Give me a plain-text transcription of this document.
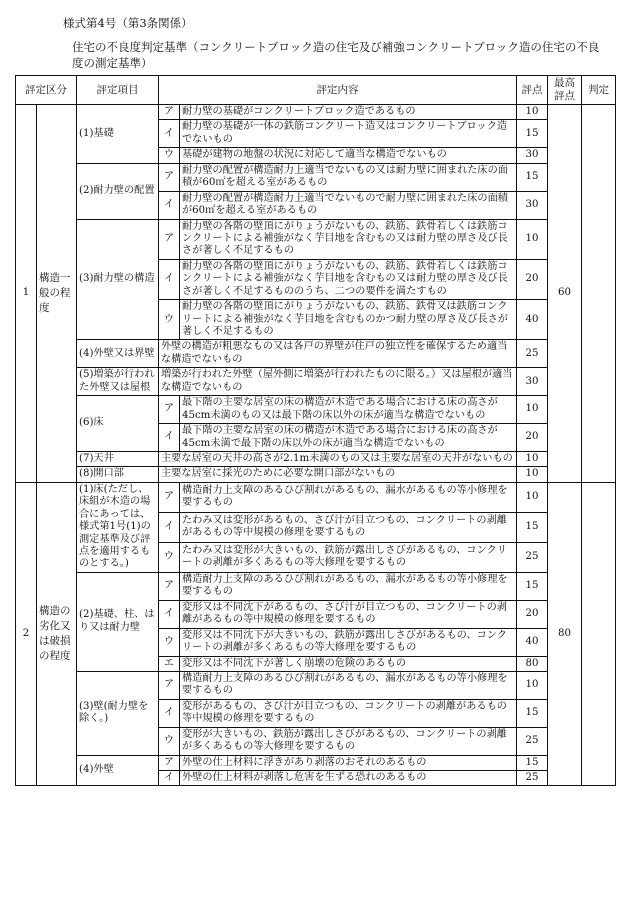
様式第4号（第3条関係）
住宅の不良度判定基準（コンクリートブロック造の住宅及び補強コンクリートブロック造の住宅の不良度の測定基準）
評定区分		評定項目	評定内容		評点	最高評点	判定
1	構造一般の程度	(1)基礎	ア	耐力壁の基礎がコンクリートブロック造であるもの	10	60	
			イ	耐力壁の基礎が一体の鉄筋コンクリート造又はコンクリートブロック造でないもの	15		
			ウ	基礎が建物の地盤の状況に対応して適当な構造でないもの	30		
		(2)耐力壁の配置	ア	耐力壁の配置が構造耐力上適当でないもの又は耐力壁に囲まれた床の面積が60㎡を超える室があるもの	15		
			イ	耐力壁の配置が構造耐力上適当でないもので耐力壁に囲まれた床の面積が60㎡を超える室があるもの	30		
		(3)耐力壁の構造	ア	耐力壁の各階の壁頂にがりょうがないもの、鉄筋、鉄骨若しくは鉄筋コンクリートによる補強がなく芋目地を含むもの又は耐力壁の厚さ及び長さが著しく不足するもの	10		
			イ	耐力壁の各階の壁頂にがりょうがないもの、鉄筋、鉄骨若しくは鉄筋コンクリートによる補強がなく芋目地を含むもの又は耐力壁の厚さ及び長さが著しく不足するもののうち、二つの要件を満たすもの	20		
			ウ	耐力壁の各階の壁頂にがりょうがないもの、鉄筋、鉄骨又は鉄筋コンクリートによる補強がなく芋目地を含むものかつ耐力壁の厚さ及び長さが著しく不足するもの	40		
		(4)外壁又は界壁	外壁の構造が粗悪なもの又は各戸の界壁が住戸の独立性を確保するため適当な構造でないもの		25		
		(5)増築が行われた外壁又は屋根	増築が行われた外壁（屋外側に増築が行われたものに限る。）又は屋根が適当な構造でないもの		30		
		(6)床	ア	最下階の主要な居室の床の構造が木造である場合における床の高さが45cm未満のもの又は最下階の床以外の床が適当な構造でないもの	10		
			イ	最下階の主要な居室の床の構造が木造である場合における床の高さが45cm未満で最下階の床以外の床が適当な構造でないもの	20		
		(7)天井	主要な居室の天井の高さが2.1m未満のもの又は主要な居室の天井がないもの		10		
		(8)開口部	主要な居室に採光のために必要な開口部がないもの		10		
2	構造の劣化又は破損の程度	(1)床(ただし、床組が木造の場合にあっては、様式第1号(1)の測定基準及び評点を適用するものとする。)	ア	構造耐力上支障のあるひび割れがあるもの、漏水があるもの等小修理を要するもの	10	80	
			イ	たわみ又は変形があるもの、さび汁が目立つもの、コンクリートの剥離があるもの等中規模の修理を要するもの	15		
			ウ	たわみ又は変形が大きいもの、鉄筋が露出しさびがあるもの、コンクリートの剥離が多くあるもの等大修理を要するもの	25		
		(2)基礎、柱、はり又は耐力壁	ア	構造耐力上支障のあるひび割れがあるもの、漏水があるもの等小修理を要するもの	15		
			イ	変形又は不同沈下があるもの、さび汁が目立つもの、コンクリートの剥離があるもの等中規模の修理を要するもの	20		
			ウ	変形又は不同沈下が大きいもの、鉄筋が露出しさびがあるもの、コンクリートの剥離が多くあるもの等大修理を要するもの	40		
			エ	変形又は不同沈下が著しく崩壊の危険のあるもの	80		
		(3)壁(耐力壁を除く。)	ア	構造耐力上支障のあるひび割れがあるもの、漏水があるもの等小修理を要するもの	10		
			イ	変形があるもの、さび汁が目立つもの、コンクリートの剥離があるもの等中規模の修理を要するもの	15		
			ウ	変形が大きいもの、鉄筋が露出しさびがあるもの、コンクリートの剥離が多くあるもの等大修理を要するもの	25		
		(4)外壁	ア	外壁の仕上材料に浮きがあり剥落のおそれのあるもの	15		
			イ	外壁の仕上材料が剥落し危害を生ずる恐れのあるもの	25		
